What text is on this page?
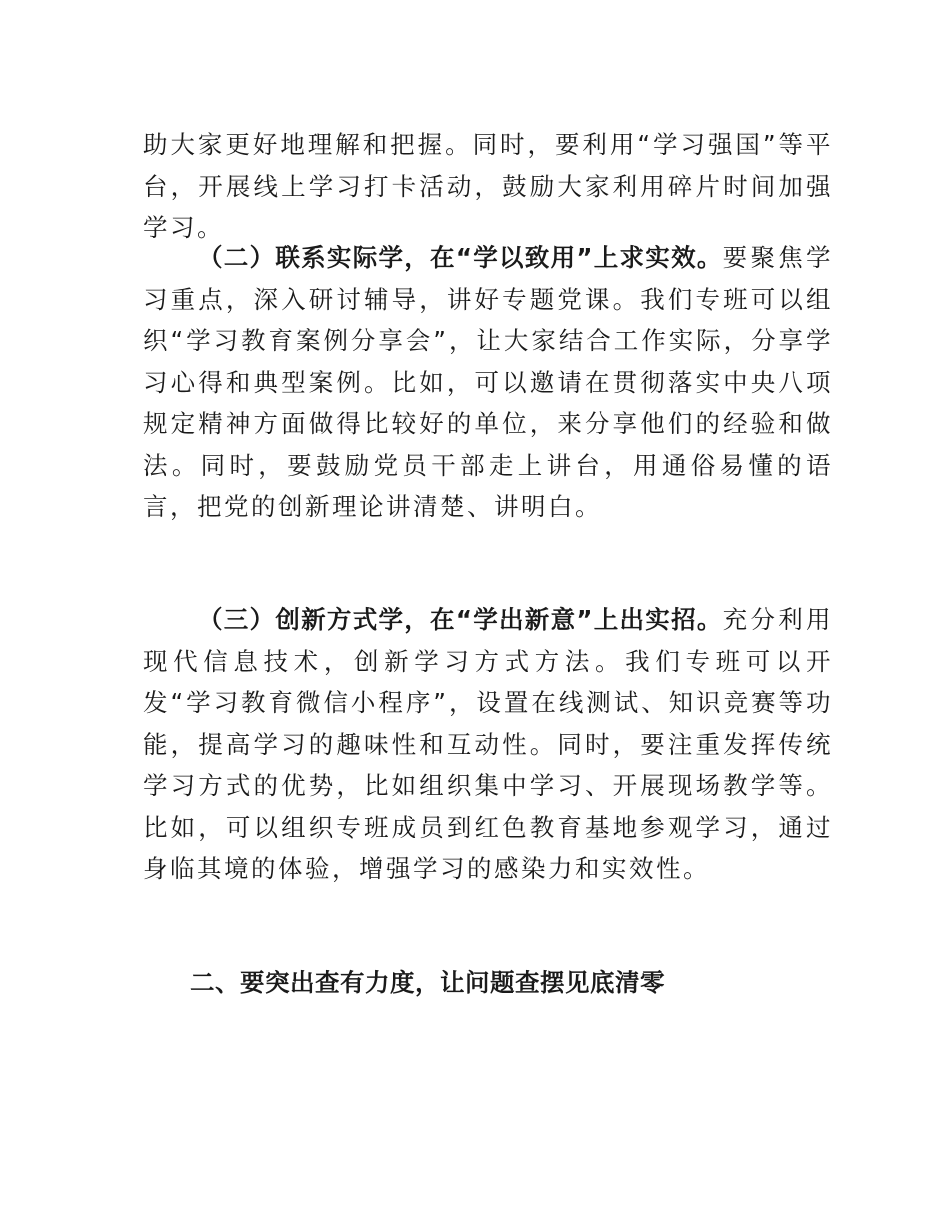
助大家更好地理解和把握。同时，要利用“学习强国”等平台，开展线上学习打卡活动，鼓励大家利用碎片时间加强学习。

（二）联系实际学，在“学以致用”上求实效。要聚焦学习重点，深入研讨辅导，讲好专题党课。我们专班可以组织“学习教育案例分享会”，让大家结合工作实际，分享学习心得和典型案例。比如，可以邀请在贯彻落实中央八项规定精神方面做得比较好的单位，来分享他们的经验和做法。同时，要鼓励党员干部走上讲台，用通俗易懂的语言，把党的创新理论讲清楚、讲明白。

（三）创新方式学，在“学出新意”上出实招。充分利用现代信息技术，创新学习方式方法。我们专班可以开发“学习教育微信小程序”，设置在线测试、知识竞赛等功能，提高学习的趣味性和互动性。同时，要注重发挥传统学习方式的优势，比如组织集中学习、开展现场教学等。比如，可以组织专班成员到红色教育基地参观学习，通过身临其境的体验，增强学习的感染力和实效性。

二、要突出查有力度，让问题查摆见底清零
